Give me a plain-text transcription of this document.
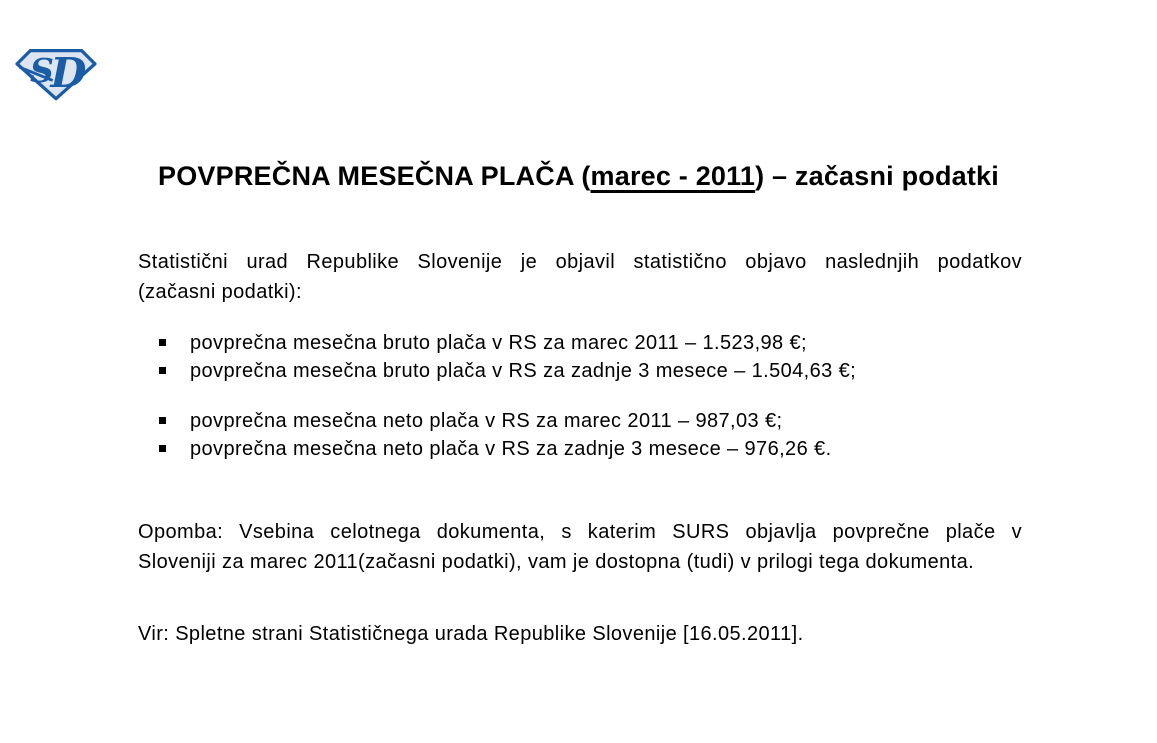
S
D
POVPREČNA MESEČNA PLAČA (marec - 2011) – začasni podatki
Statistični urad Republike Slovenije je objavil statistično objavo naslednjih podatkov
(začasni podatki):
povprečna mesečna bruto plača v RS za marec 2011 – 1.523,98 €;
povprečna mesečna bruto plača v RS za zadnje 3 mesece – 1.504,63 €;
povprečna mesečna neto plača v RS za marec 2011 – 987,03 €;
povprečna mesečna neto plača v RS za zadnje 3 mesece – 976,26 €.
Opomba: Vsebina celotnega dokumenta, s katerim SURS objavlja povprečne plače v
Sloveniji za marec 2011(začasni podatki), vam je dostopna (tudi) v prilogi tega dokumenta.
Vir: Spletne strani Statističnega urada Republike Slovenije [16.05.2011].
